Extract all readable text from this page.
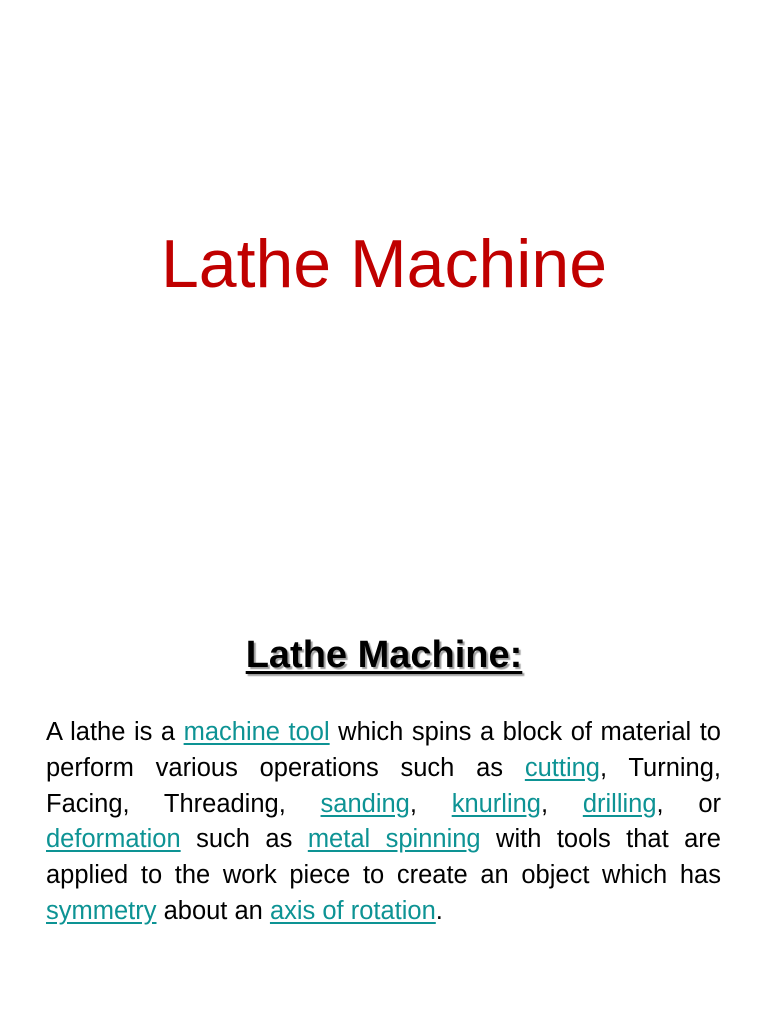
Lathe Machine
Lathe Machine:

A lathe is a machine tool which spins a block of material to perform various operations such as cutting, Turning, Facing, Threading, sanding, knurling, drilling, or deformation such as metal spinning with tools that are applied to the work piece to create an object which has symmetry about an axis of rotation.
